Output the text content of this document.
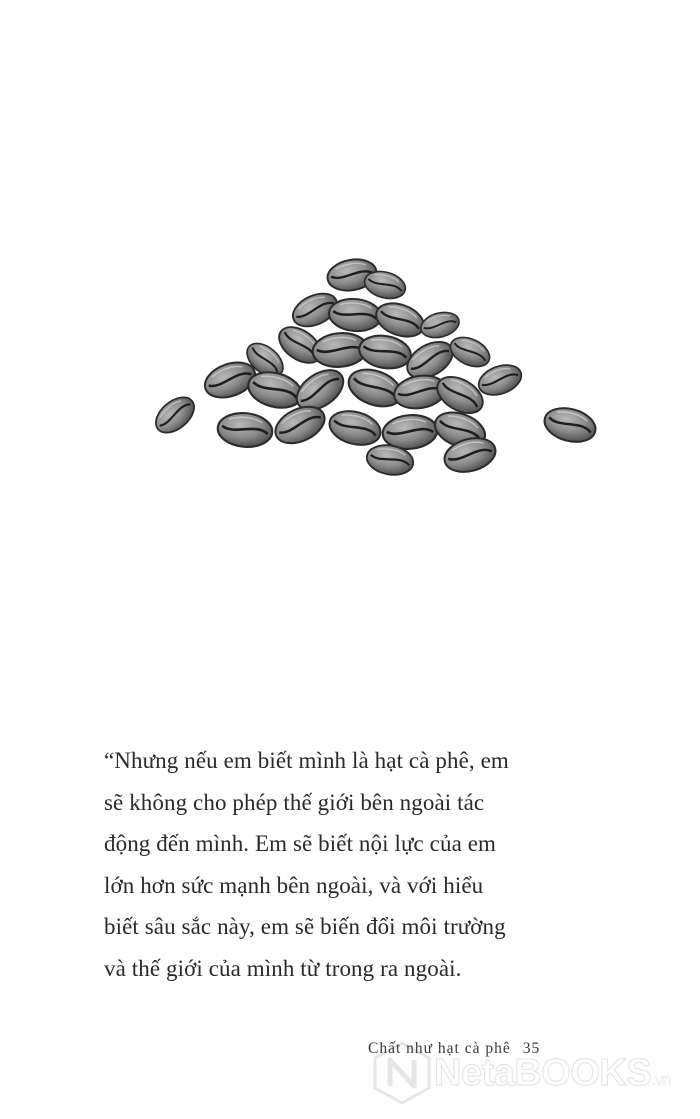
“Nhưng nếu em biết mình là hạt cà phê, em
sẽ không cho phép thế giới bên ngoài tác
động đến mình. Em sẽ biết nội lực của em
lớn hơn sức mạnh bên ngoài, và với hiểu
biết sâu sắc này, em sẽ biến đổi môi trường
và thế giới của mình từ trong ra ngoài.

NetaBOOKS.vn
Chất như hạt cà phê 35
